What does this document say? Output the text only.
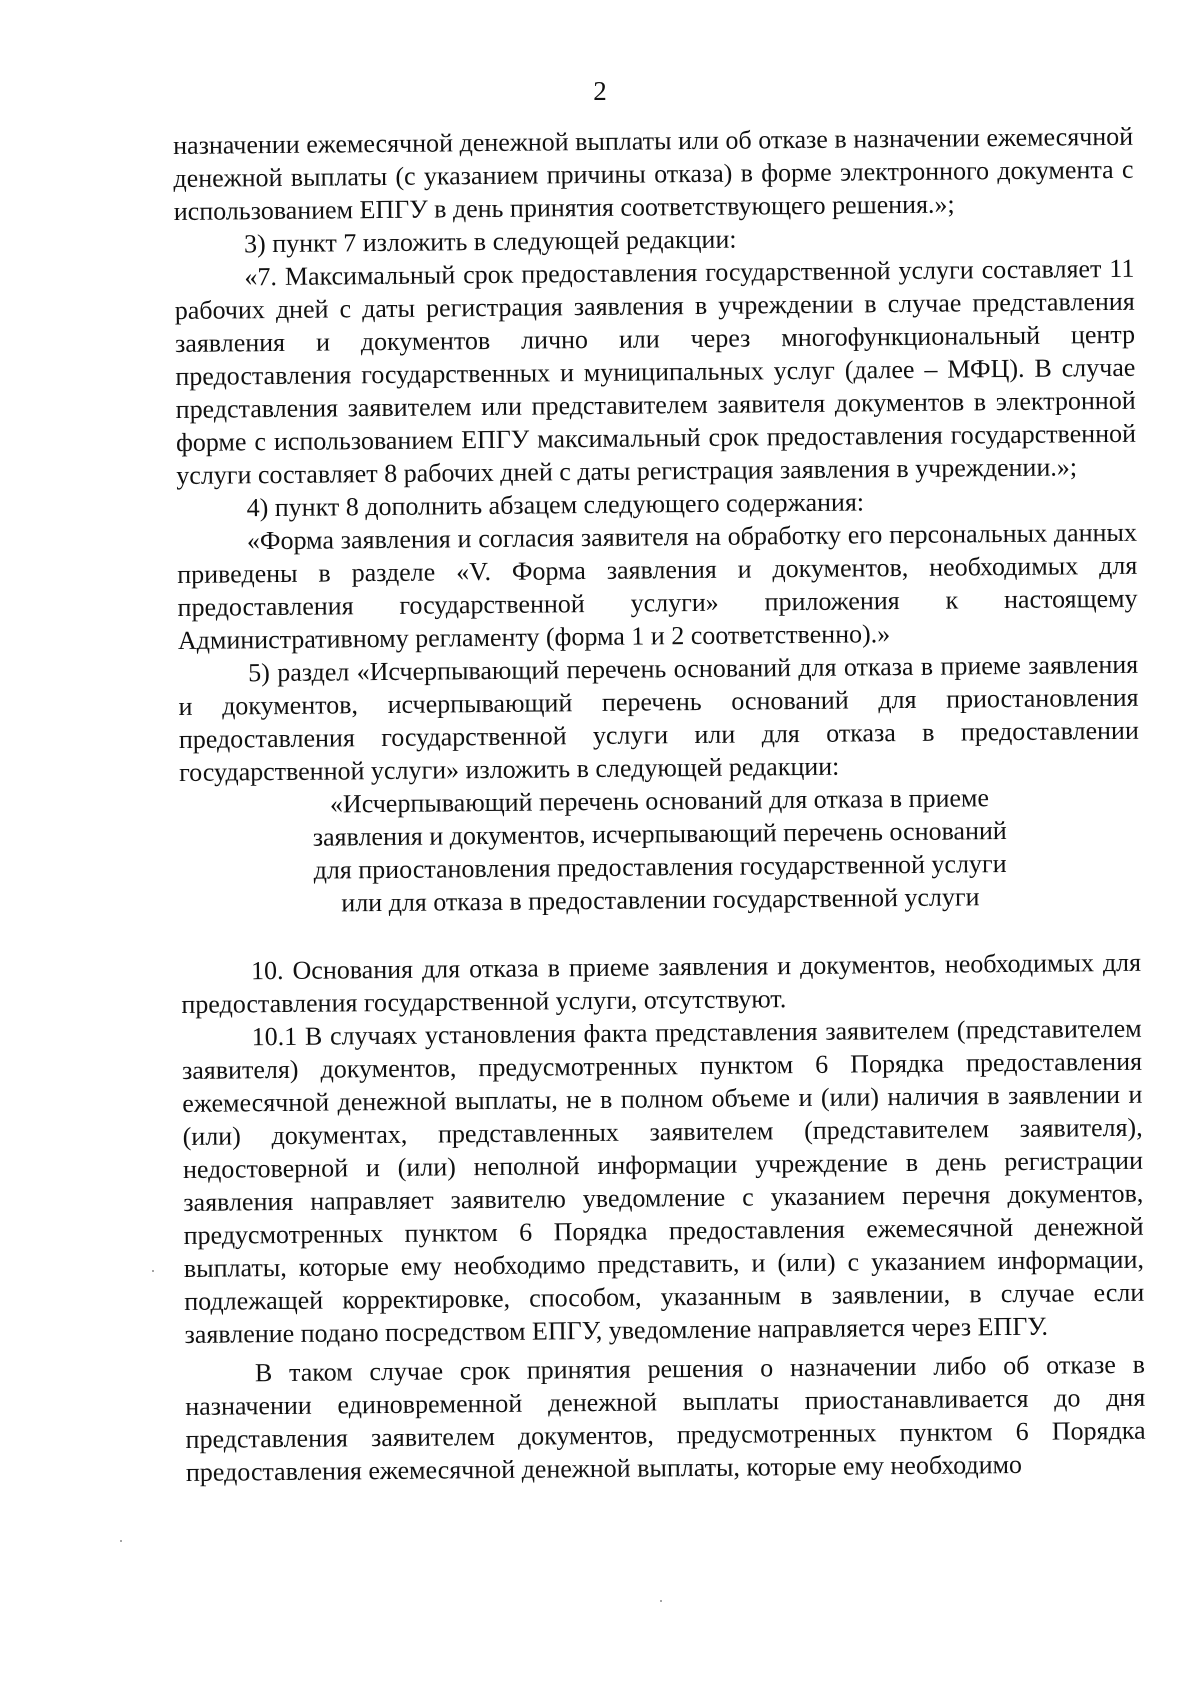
2

назначении ежемесячной денежной выплаты или об отказе в назначении ежемесячной денежной выплаты (с указанием причины отказа) в форме электронного документа с использованием ЕПГУ в день принятия соответствующего решения.»;

3) пункт 7 изложить в следующей редакции:

«7. Максимальный срок предоставления государственной услуги составляет 11 рабочих дней с даты регистрация заявления в учреждении в случае представления заявления и документов лично или через многофункциональный центр предоставления государственных и муниципальных услуг (далее – МФЦ). В случае представления заявителем или представителем заявителя документов в электронной форме с использованием ЕПГУ максимальный срок предоставления государственной услуги составляет 8 рабочих дней с даты регистрация заявления в учреждении.»;

4) пункт 8 дополнить абзацем следующего содержания:

«Форма заявления и согласия заявителя на обработку его персональных данных приведены в разделе «V. Форма заявления и документов, необходимых для предоставления государственной услуги» приложения к настоящему Административному регламенту (форма 1 и 2 соответственно).»

5) раздел «Исчерпывающий перечень оснований для отказа в приеме заявления и документов, исчерпывающий перечень оснований для приостановления предоставления государственной услуги или для отказа в предоставлении государственной услуги» изложить в следующей редакции:

«Исчерпывающий перечень оснований для отказа в приеме
заявления и документов, исчерпывающий перечень оснований
для приостановления предоставления государственной услуги
или для отказа в предоставлении государственной услуги

10. Основания для отказа в приеме заявления и документов, необходимых для предоставления государственной услуги, отсутствуют.

10.1 В случаях установления факта представления заявителем (представителем заявителя) документов, предусмотренных пунктом 6 Порядка предоставления ежемесячной денежной выплаты, не в полном объеме и (или) наличия в заявлении и (или) документах, представленных заявителем (представителем заявителя), недостоверной и (или) неполной информации учреждение в день регистрации заявления направляет заявителю уведомление с указанием перечня документов, предусмотренных пунктом 6 Порядка предоставления ежемесячной денежной выплаты, которые ему необходимо представить, и (или) с указанием информации, подлежащей корректировке, способом, указанным в заявлении, в случае если заявление подано посредством ЕПГУ, уведомление направляется через ЕПГУ.

В таком случае срок принятия решения о назначении либо об отказе в назначении единовременной денежной выплаты приостанавливается до дня представления заявителем документов, предусмотренных пунктом 6 Порядка предоставления ежемесячной денежной выплаты, которые ему необходимо
